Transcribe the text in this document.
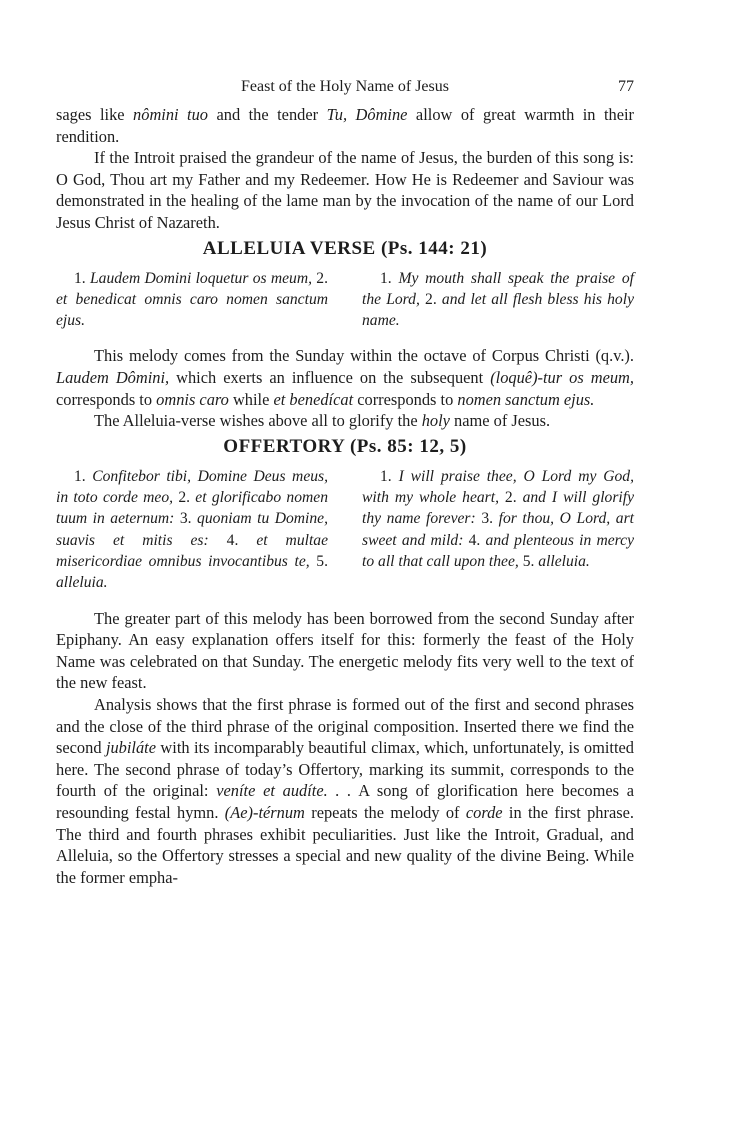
Feast of the Holy Name of Jesus	77

sages like nômini tuo and the tender Tu, Dômine allow of great warmth in their rendition.

If the Introit praised the grandeur of the name of Jesus, the burden of this song is: O God, Thou art my Father and my Redeemer. How He is Redeemer and Saviour was demonstrated in the healing of the lame man by the invocation of the name of our Lord Jesus Christ of Nazareth.

ALLELUIA VERSE (Ps. 144: 21)
1. Laudem Domini loquetur os meum, 2. et benedicat omnis caro nomen sanctum ejus.
1. My mouth shall speak the praise of the Lord, 2. and let all flesh bless his holy name.

This melody comes from the Sunday within the octave of Corpus Christi (q.v.). Laudem Dômini, which exerts an influence on the subsequent (loquê)-tur os meum, corresponds to omnis caro while et benedícat corresponds to nomen sanctum ejus.

The Alleluia-verse wishes above all to glorify the holy name of Jesus.

OFFERTORY (Ps. 85: 12, 5)
1. Confitebor tibi, Domine Deus meus, in toto corde meo, 2. et glorificabo nomen tuum in aeternum: 3. quoniam tu Domine, suavis et mitis es: 4. et multae misericordiae omnibus invocantibus te, 5. alleluia.
1. I will praise thee, O Lord my God, with my whole heart, 2. and I will glorify thy name forever: 3. for thou, O Lord, art sweet and mild: 4. and plenteous in mercy to all that call upon thee, 5. alleluia.

The greater part of this melody has been borrowed from the second Sunday after Epiphany. An easy explanation offers itself for this: formerly the feast of the Holy Name was celebrated on that Sunday. The energetic melody fits very well to the text of the new feast.

Analysis shows that the first phrase is formed out of the first and second phrases and the close of the third phrase of the original composition. Inserted there we find the second jubiláte with its incomparably beautiful climax, which, unfortunately, is omitted here. The second phrase of today’s Offertory, marking its summit, corresponds to the fourth of the original: veníte et audíte. . . A song of glorification here becomes a resounding festal hymn. (Ae)-térnum repeats the melody of corde in the first phrase. The third and fourth phrases exhibit peculiarities. Just like the Introit, Gradual, and Alleluia, so the Offertory stresses a special and new quality of the divine Being. While the former empha-
